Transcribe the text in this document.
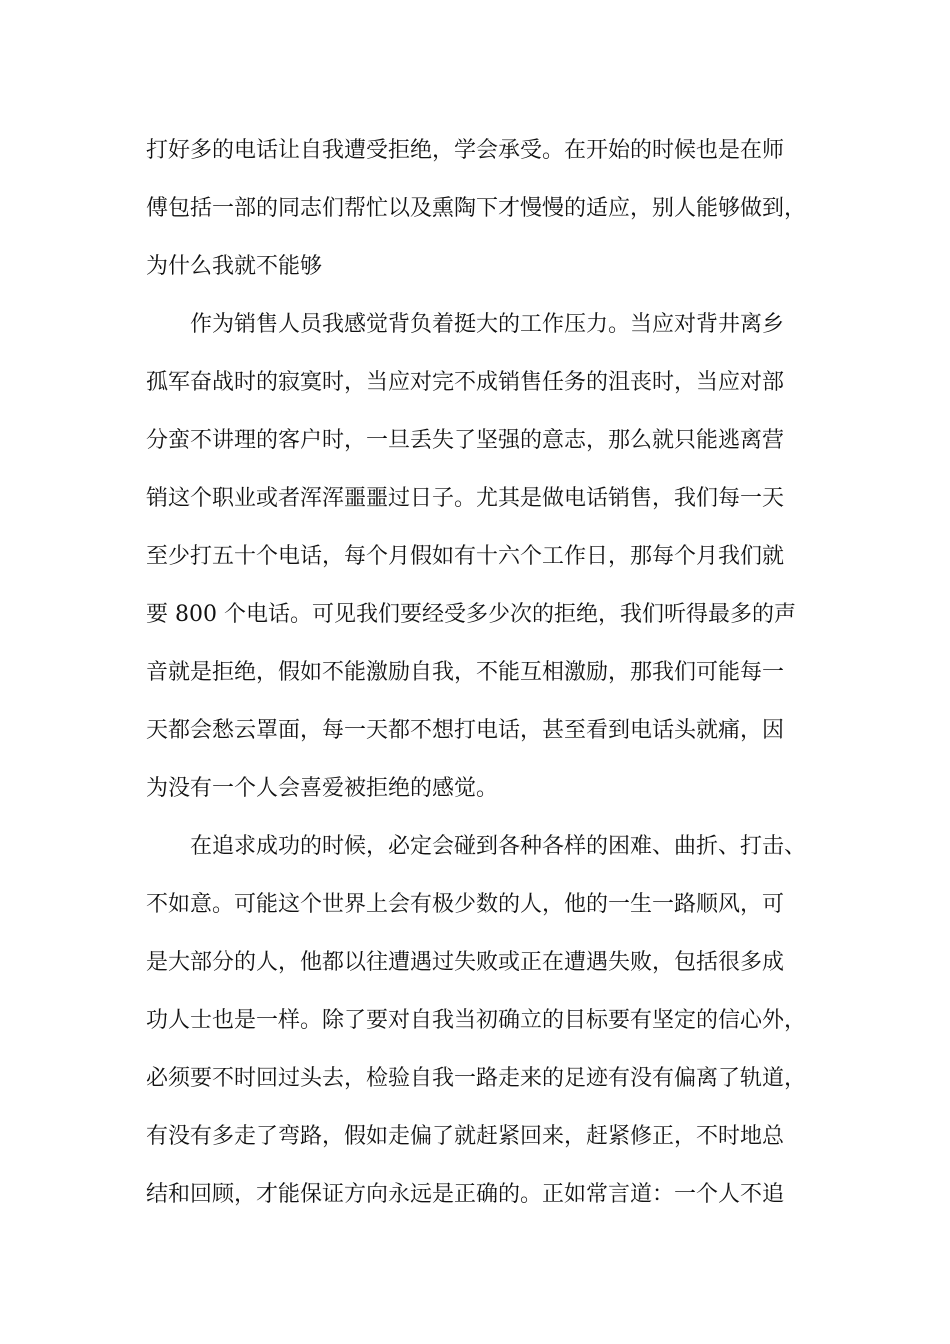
打好多的电话让自我遭受拒绝，学会承受。在开始的时候也是在师
傅包括一部的同志们帮忙以及熏陶下才慢慢的适应，别人能够做到，
为什么我就不能够
作为销售人员我感觉背负着挺大的工作压力。当应对背井离乡
孤军奋战时的寂寞时，当应对完不成销售任务的沮丧时，当应对部
分蛮不讲理的客户时，一旦丢失了坚强的意志，那么就只能逃离营
销这个职业或者浑浑噩噩过日子。尤其是做电话销售，我们每一天
至少打五十个电话，每个月假如有十六个工作日，那每个月我们就
要 800 个电话。可见我们要经受多少次的拒绝，我们听得最多的声
音就是拒绝，假如不能激励自我，不能互相激励，那我们可能每一
天都会愁云罩面，每一天都不想打电话，甚至看到电话头就痛，因
为没有一个人会喜爱被拒绝的感觉。
在追求成功的时候，必定会碰到各种各样的困难、曲折、打击、
不如意。可能这个世界上会有极少数的人，他的一生一路顺风，可
是大部分的人，他都以往遭遇过失败或正在遭遇失败，包括很多成
功人士也是一样。除了要对自我当初确立的目标要有坚定的信心外，
必须要不时回过头去，检验自我一路走来的足迹有没有偏离了轨道，
有没有多走了弯路，假如走偏了就赶紧回来，赶紧修正，不时地总
结和回顾，才能保证方向永远是正确的。正如常言道：一个人不追
